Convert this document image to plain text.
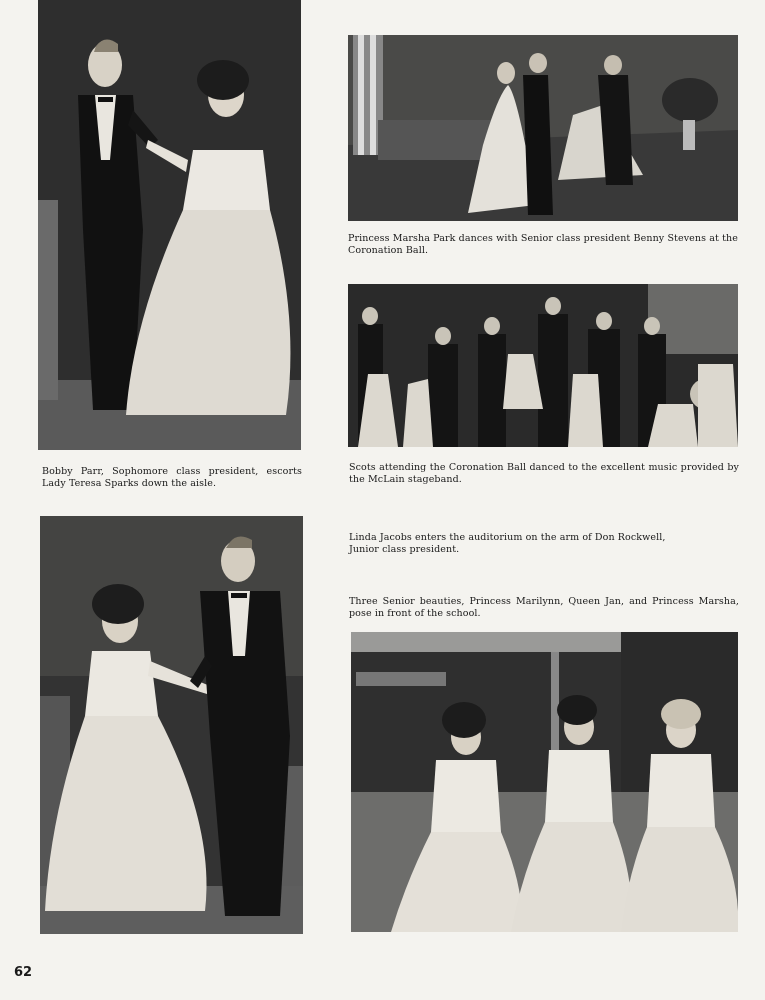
Bobby Parr, Sophomore class president, escorts Lady Teresa Sparks down the aisle.
Princess Marsha Park dances with Senior class president Benny Stevens at the Coronation Ball.
Scots attending the Coronation Ball danced to the excellent music provided by the McLain stageband.
Linda Jacobs enters the auditorium on the arm of Don Rockwell, Junior class president.
Three Senior beauties, Princess Marilynn, Queen Jan, and Princess Marsha, pose in front of the school.
62
